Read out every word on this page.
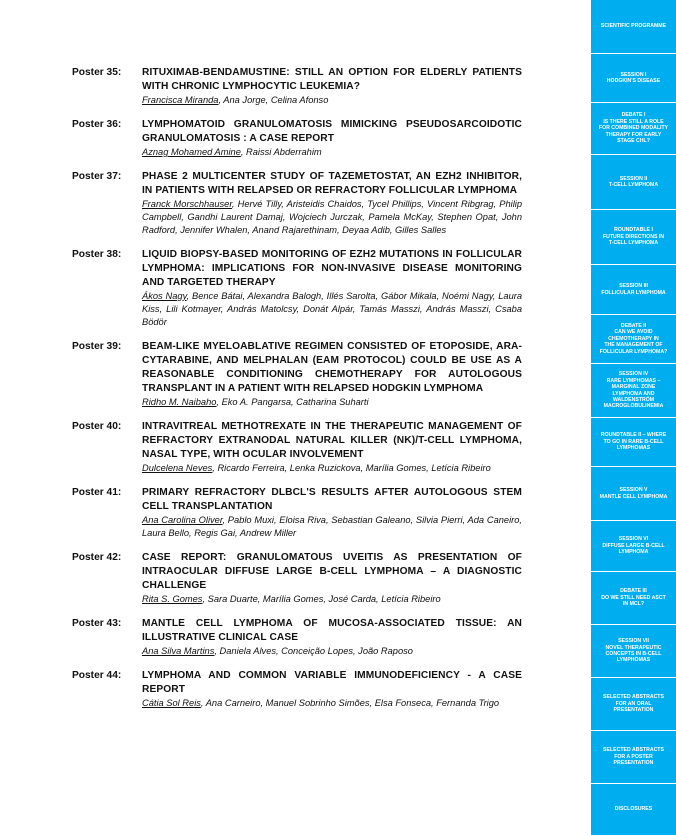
Poster 35:	RITUXIMAB-BENDAMUSTINE: STILL AN OPTION FOR ELDERLY PATIENTS WITH CHRONIC LYMPHOCYTIC LEUKEMIA?
Francisca Miranda, Ana Jorge, Celina Afonso
Poster 36:	LYMPHOMATOID GRANULOMATOSIS MIMICKING PSEUDOSARCOIDOTIC GRANULOMATOSIS : A CASE REPORT
Aznag Mohamed Amine, Raissi Abderrahim
Poster 37:	PHASE 2 MULTICENTER STUDY OF TAZEMETOSTAT, AN EZH2 INHIBITOR, IN PATIENTS WITH RELAPSED OR REFRACTORY FOLLICULAR LYMPHOMA
Franck Morschhauser, Hervé Tilly, Aristeidis Chaidos, Tycel Phillips, Vincent Ribgrag, Philip Campbell, Gandhi Laurent Damaj, Wojciech Jurczak, Pamela McKay, Stephen Opat, John Radford, Jennifer Whalen, Anand Rajarethinam, Deyaa Adib, Gilles Salles
Poster 38:	LIQUID BIOPSY-BASED MONITORING OF EZH2 MUTATIONS IN FOLLICULAR LYMPHOMA: IMPLICATIONS FOR NON-INVASIVE DISEASE MONITORING AND TARGETED THERAPY
Ákos Nagy, Bence Bátai, Alexandra Balogh, Illés Sarolta, Gábor Mikala, Noémi Nagy, Laura Kiss, Lili Kotmayer, András Matolcsy, Donát Alpár, Tamás Masszi, András Masszi, Csaba Bödör
Poster 39:	BEAM-LIKE MYELOABLATIVE REGIMEN CONSISTED OF ETOPOSIDE, ARA-CYTARABINE, AND MELPHALAN (EAM PROTOCOL) COULD BE USE AS A REASONABLE CONDITIONING CHEMOTHERAPY FOR AUTOLOGOUS TRANSPLANT IN A PATIENT WITH RELAPSED HODGKIN LYMPHOMA
Ridho M. Naibaho, Eko A. Pangarsa, Catharina Suharti
Poster 40:	INTRAVITREAL METHOTREXATE IN THE THERAPEUTIC MANAGEMENT OF REFRACTORY EXTRANODAL NATURAL KILLER (NK)/T-CELL LYMPHOMA, NASAL TYPE, WITH OCULAR INVOLVEMENT
Dulcelena Neves, Ricardo Ferreira, Lenka Ruzickova, Marília Gomes, Letícia Ribeiro
Poster 41:	PRIMARY REFRACTORY DLBCL'S RESULTS AFTER AUTOLOGOUS STEM CELL TRANSPLANTATION
Ana Carolina Oliver, Pablo Muxi, Eloisa Riva, Sebastian Galeano, Silvia Pierri, Ada Caneiro, Laura Bello, Regis Gai, Andrew Miller
Poster 42:	CASE REPORT: GRANULOMATOUS UVEITIS AS PRESENTATION OF INTRAOCULAR DIFFUSE LARGE B-CELL LYMPHOMA – A DIAGNOSTIC CHALLENGE
Rita S. Gomes, Sara Duarte, Marília Gomes, José Carda, Letícia Ribeiro
Poster 43:	MANTLE CELL LYMPHOMA OF MUCOSA-ASSOCIATED TISSUE: AN ILLUSTRATIVE CLINICAL CASE
Ana Silva Martins, Daniela Alves, Conceição Lopes, João Raposo
Poster 44:	LYMPHOMA AND COMMON VARIABLE IMMUNODEFICIENCY - A CASE REPORT
Cátia Sol Reis, Ana Carneiro, Manuel Sobrinho Simões, Elsa Fonseca, Fernanda Trigo
SCIENTIFIC PROGRAMME
SESSION I
HODGKIN'S DISEASE
DEBATE I
IS THERE STILL A ROLE
FOR COMBINED MODALITY
THERAPY FOR EARLY
STAGE CHL?
SESSION II
T-CELL LYMPHOMA
ROUNDTABLE I
FUTURE DIRECTIONS IN
T-CELL LYMPHOMA
SESSION III
FOLLICULAR LYMPHOMA
DEBATE II
CAN WE AVOID
CHEMOTHERAPY IN
THE MANAGEMENT OF
FOLLICULAR LYMPHOMA?
SESSION IV
RARE LYMPHOMAS –
MARGINAL ZONE
LYMPHOMA AND
WALDENSTRÖM
MACROGLOBULINEMIA
ROUNDTABLE II – WHERE
TO GO IN RARE B-CELL
LYMPHOMAS
SESSION V
MANTLE CELL LYMPHOMA
SESSION VI
DIFFUSE LARGE B-CELL
LYMPHOMA
DEBATE III
DO WE STILL NEED ASCT
IN MCL?
SESSION VII
NOVEL THERAPEUTIC
CONCEPTS IN B-CELL
LYMPHOMAS
SELECTED ABSTRACTS
FOR AN ORAL
PRESENTATION
SELECTED ABSTRACTS
FOR A POSTER
PRESENTATION
DISCLOSURES
